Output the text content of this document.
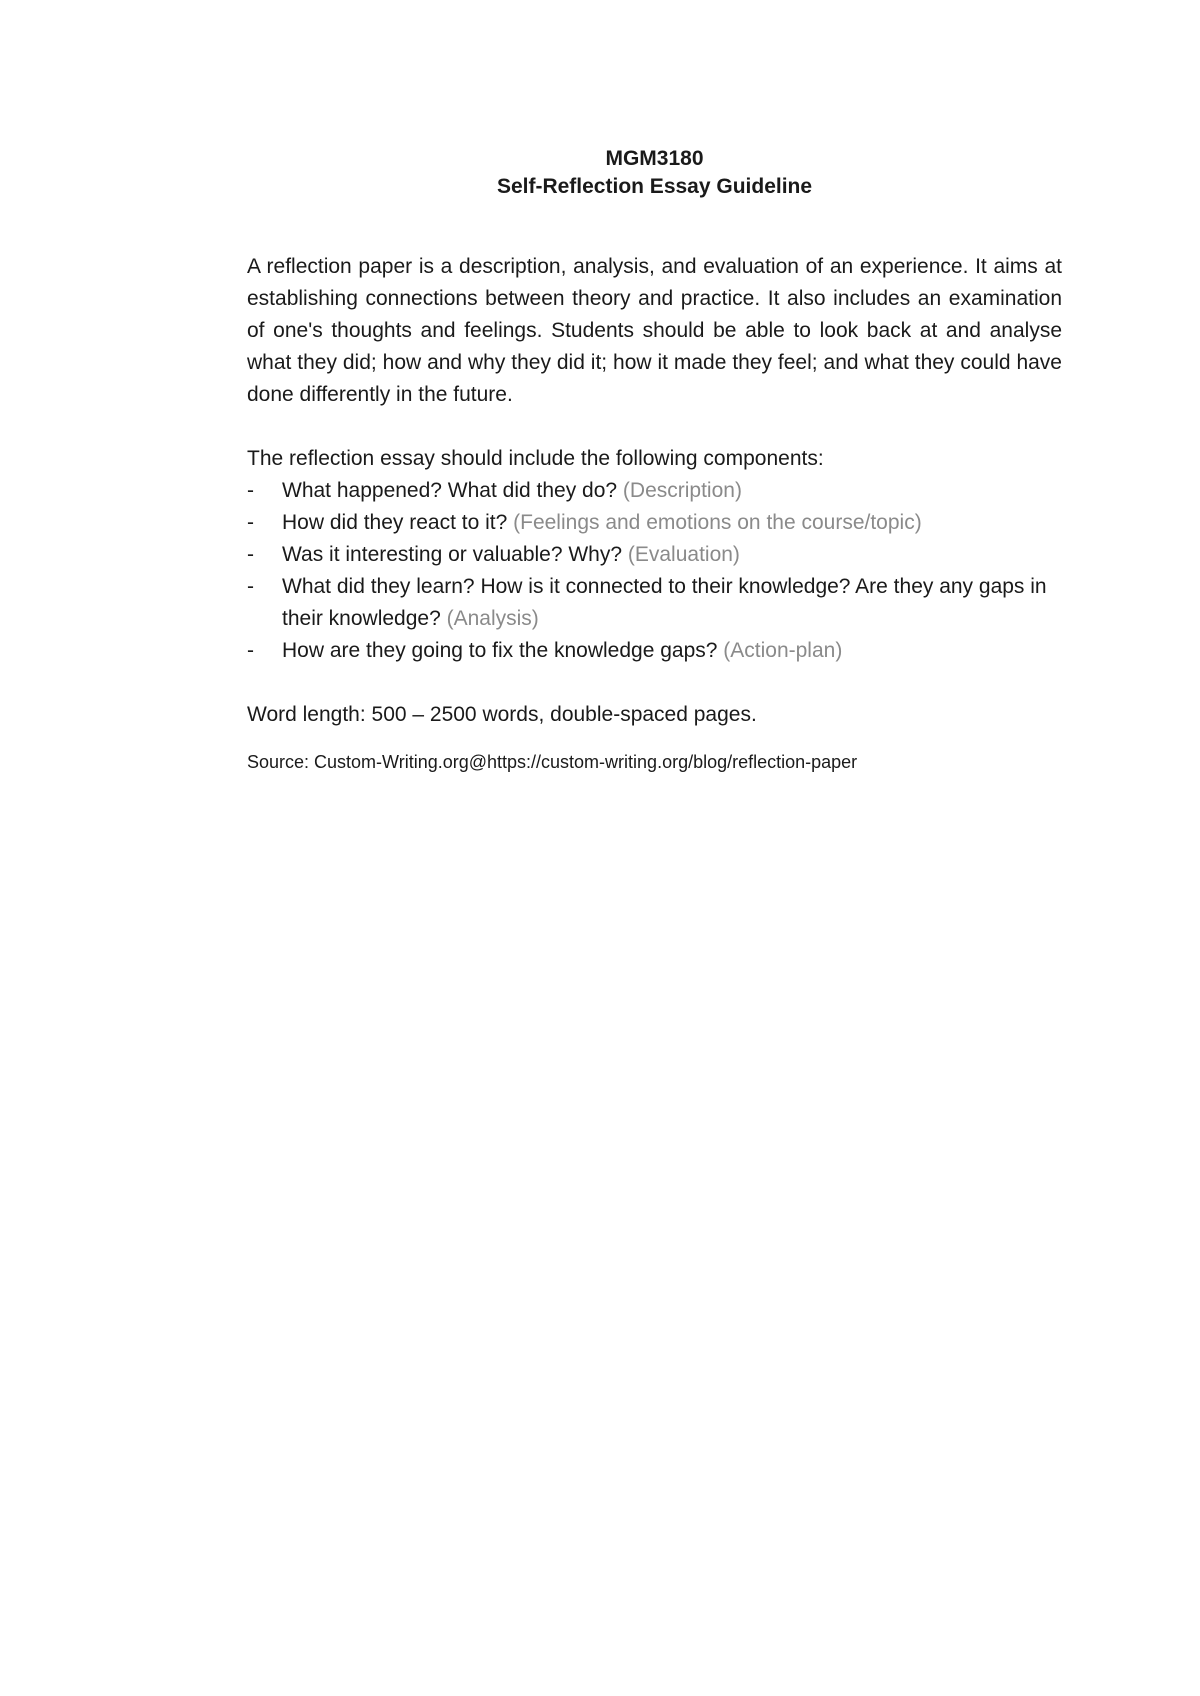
MGM3180
Self-Reflection Essay Guideline

A reflection paper is a description, analysis, and evaluation of an experience. It aims at establishing connections between theory and practice. It also includes an examination of one's thoughts and feelings. Students should be able to look back at and analyse what they did; how and why they did it; how it made they feel; and what they could have done differently in the future.

The reflection essay should include the following components:

- What happened? What did they do? (Description)
- How did they react to it? (Feelings and emotions on the course/topic)
- Was it interesting or valuable? Why? (Evaluation)
- What did they learn? How is it connected to their knowledge? Are they any gaps in their knowledge? (Analysis)
- How are they going to fix the knowledge gaps? (Action-plan)

Word length: 500 – 2500 words, double-spaced pages.

Source: Custom-Writing.org@https://custom-writing.org/blog/reflection-paper
